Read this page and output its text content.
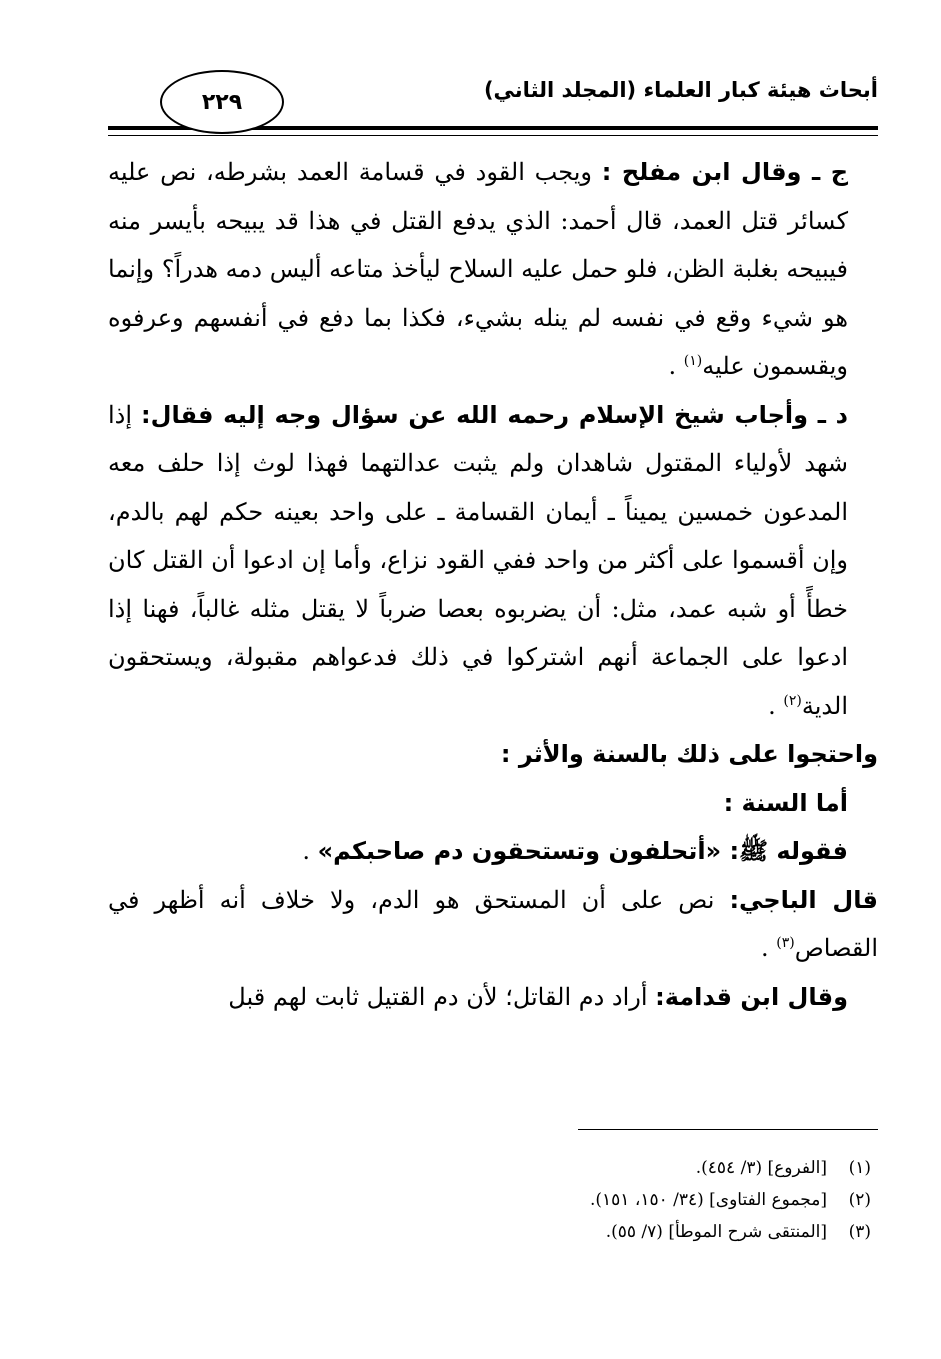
أبحاث هيئة كبار العلماء (المجلد الثاني)
٢٢٩

ج ـ وقال ابن مفلح : ويجب القود في قسامة العمد بشرطه، نص عليه كسائر قتل العمد، قال أحمد: الذي يدفع القتل في هذا قد يبيحه بأيسر منه فيبيحه بغلبة الظن، فلو حمل عليه السلاح ليأخذ متاعه أليس دمه هدراً؟ وإنما هو شيء وقع في نفسه لم ينله بشيء، فكذا بما دفع في أنفسهم وعرفوه ويقسمون عليه$^{(١)}$ .

د ـ وأجاب شيخ الإسلام رحمه الله عن سؤال وجه إليه فقال: إذا شهد لأولياء المقتول شاهدان ولم يثبت عدالتهما فهذا لوث إذا حلف معه المدعون خمسين يميناً ـ أيمان القسامة ـ على واحد بعينه حكم لهم بالدم، وإن أقسموا على أكثر من واحد ففي القود نزاع، وأما إن ادعوا أن القتل كان خطأً أو شبه عمد، مثل: أن يضربوه بعصا ضرباً لا يقتل مثله غالباً، فهنا إذا ادعوا على الجماعة أنهم اشتركوا في ذلك فدعواهم مقبولة، ويستحقون الدية$^{(٢)}$ .

واحتجوا على ذلك بالسنة والأثر :

أما السنة :

فقوله ﷺ: «أتحلفون وتستحقون دم صاحبكم» .

قال الباجي: نص على أن المستحق هو الدم، ولا خلاف أنه أظهر في القصاص$^{(٣)}$ .

وقال ابن قدامة: أراد دم القاتل؛ لأن دم القتيل ثابت لهم قبل

(١)
[الفروع] (٣/ ٤٥٤).
(٢)
[مجموع الفتاوى] (٣٤/ ١٥٠، ١٥١).
(٣)
[المنتقى شرح الموطأ] (٧/ ٥٥).
